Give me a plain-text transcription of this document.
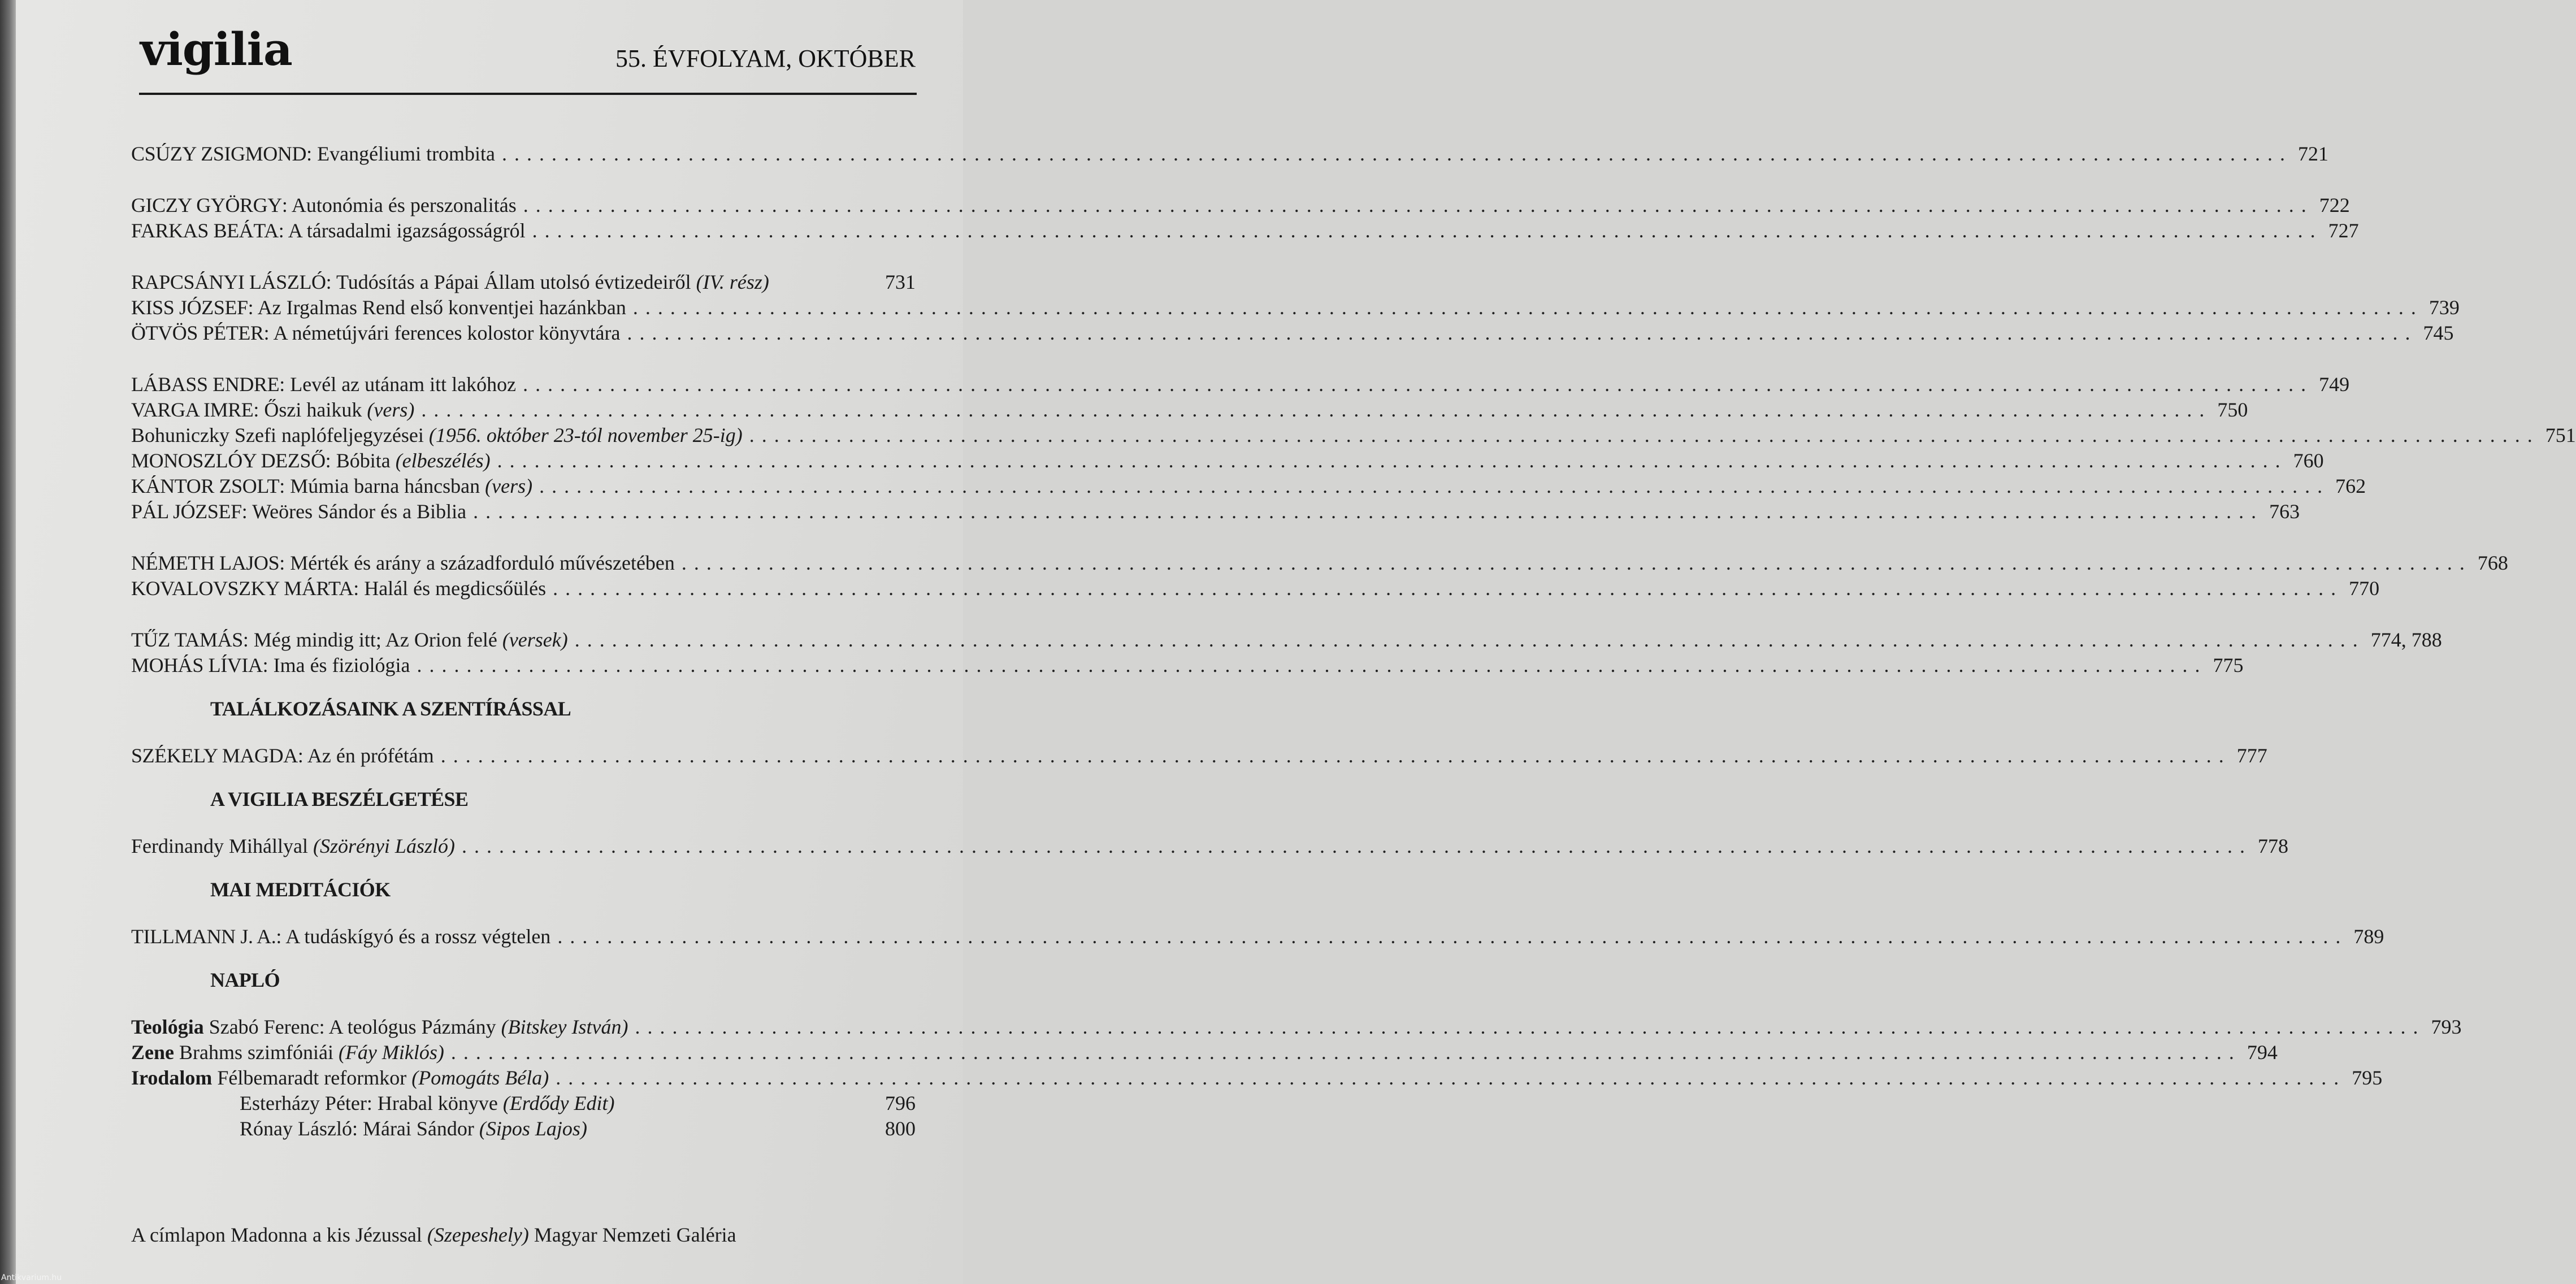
vigilia	55. ÉVFOLYAM, OKTÓBER
CSÚZY ZSIGMOND : Evangéliumi trombita .....	721
GICZY GYÖRGY : Autonómia és perszonalitás .....	722
FARKAS BEÁTA : A társadalmi igazságosságról .....	727
RAPCSÁNYI LÁSZLÓ : Tudósítás a Pápai Állam utolsó évtizedeiről (IV. rész)	731
KISS JÓZSEF : Az Irgalmas Rend első konventjei hazánkban .....	739
ÖTVÖS PÉTER : A németújvári ferences kolostor könyvtára .....	745
LÁBASS ENDRE : Levél az utánam itt lakóhoz .....	749
VARGA IMRE : Őszi haikuk (vers) .....	750
Bohuniczky Szefi naplófeljegyzései (1956. október 23-tól november 25-ig) .....	751
MONOSZLÓY DEZSŐ : Bóbita (elbeszélés) .....	760
KÁNTOR ZSOLT : Múmia barna háncsban (vers) .....	762
PÁL JÓZSEF : Weöres Sándor és a Biblia .....	763
NÉMETH LAJOS : Mérték és arány a századforduló művészetében .....	768
KOVALOVSZKY MÁRTA : Halál és megdicsőülés .....	770
TŰZ TAMÁS : Még mindig itt; Az Orion felé (versek) .....	774, 788
MOHÁS LÍVIA : Ima és fiziológia .....	775
TALÁLKOZÁSAINK A SZENTÍRÁSSAL
SZÉKELY MAGDA : Az én prófétám .....	777
A VIGILIA BESZÉLGETÉSE
Ferdinandy Mihállyal (Szörényi László) .....	778
MAI MEDITÁCIÓK
TILLMANN J. A. : A tudáskígyó és a rossz végtelen .....	789
NAPLÓ
Teológia Szabó Ferenc: A teológus Pázmány (Bitskey István) .....	793
Zene Brahms szimfóniái (Fáy Miklós) .....	794
Irodalom Félbemaradt reformkor (Pomogáts Béla) .....	795
Esterházy Péter: Hrabal könyve (Erdődy Edit)	796
Rónay László: Márai Sándor (Sipos Lajos)	800
A címlapon Madonna a kis Jézussal (Szepeshely) Magyar Nemzeti Galéria
Antikvarium.hu
